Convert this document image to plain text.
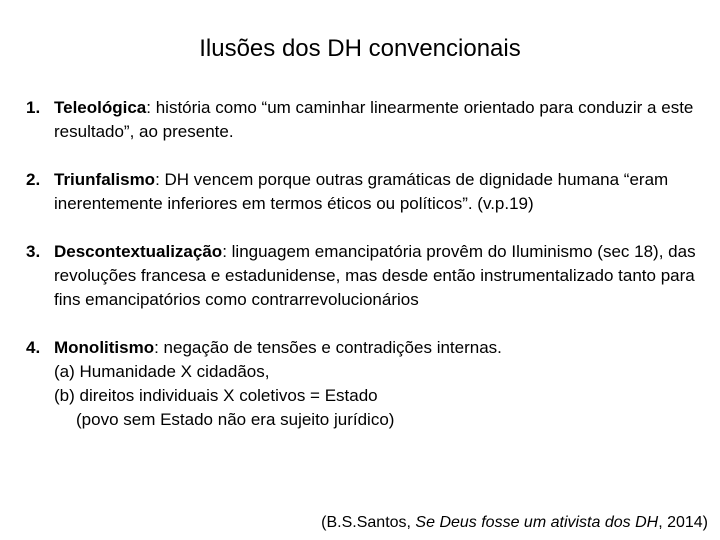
Ilusões dos DH convencionais
1. Teleológica: história como “um caminhar linearmente orientado para conduzir a este resultado”, ao presente.
2. Triunfalismo: DH vencem porque outras gramáticas de dignidade humana “eram inerentemente inferiores em termos éticos ou políticos”. (v.p.19)
3. Descontextualização: linguagem emancipatória provêm do Iluminismo (sec 18), das revoluções francesa e estadunidense, mas desde então instrumentalizado tanto para fins emancipatórios como contrarrevolucionários
4. Monolitismo: negação de tensões e contradições internas.
(a) Humanidade X cidadãos,
(b) direitos individuais X coletivos = Estado
(povo sem Estado não era sujeito jurídico)
(B.S.Santos, Se Deus fosse um ativista dos DH, 2014)
